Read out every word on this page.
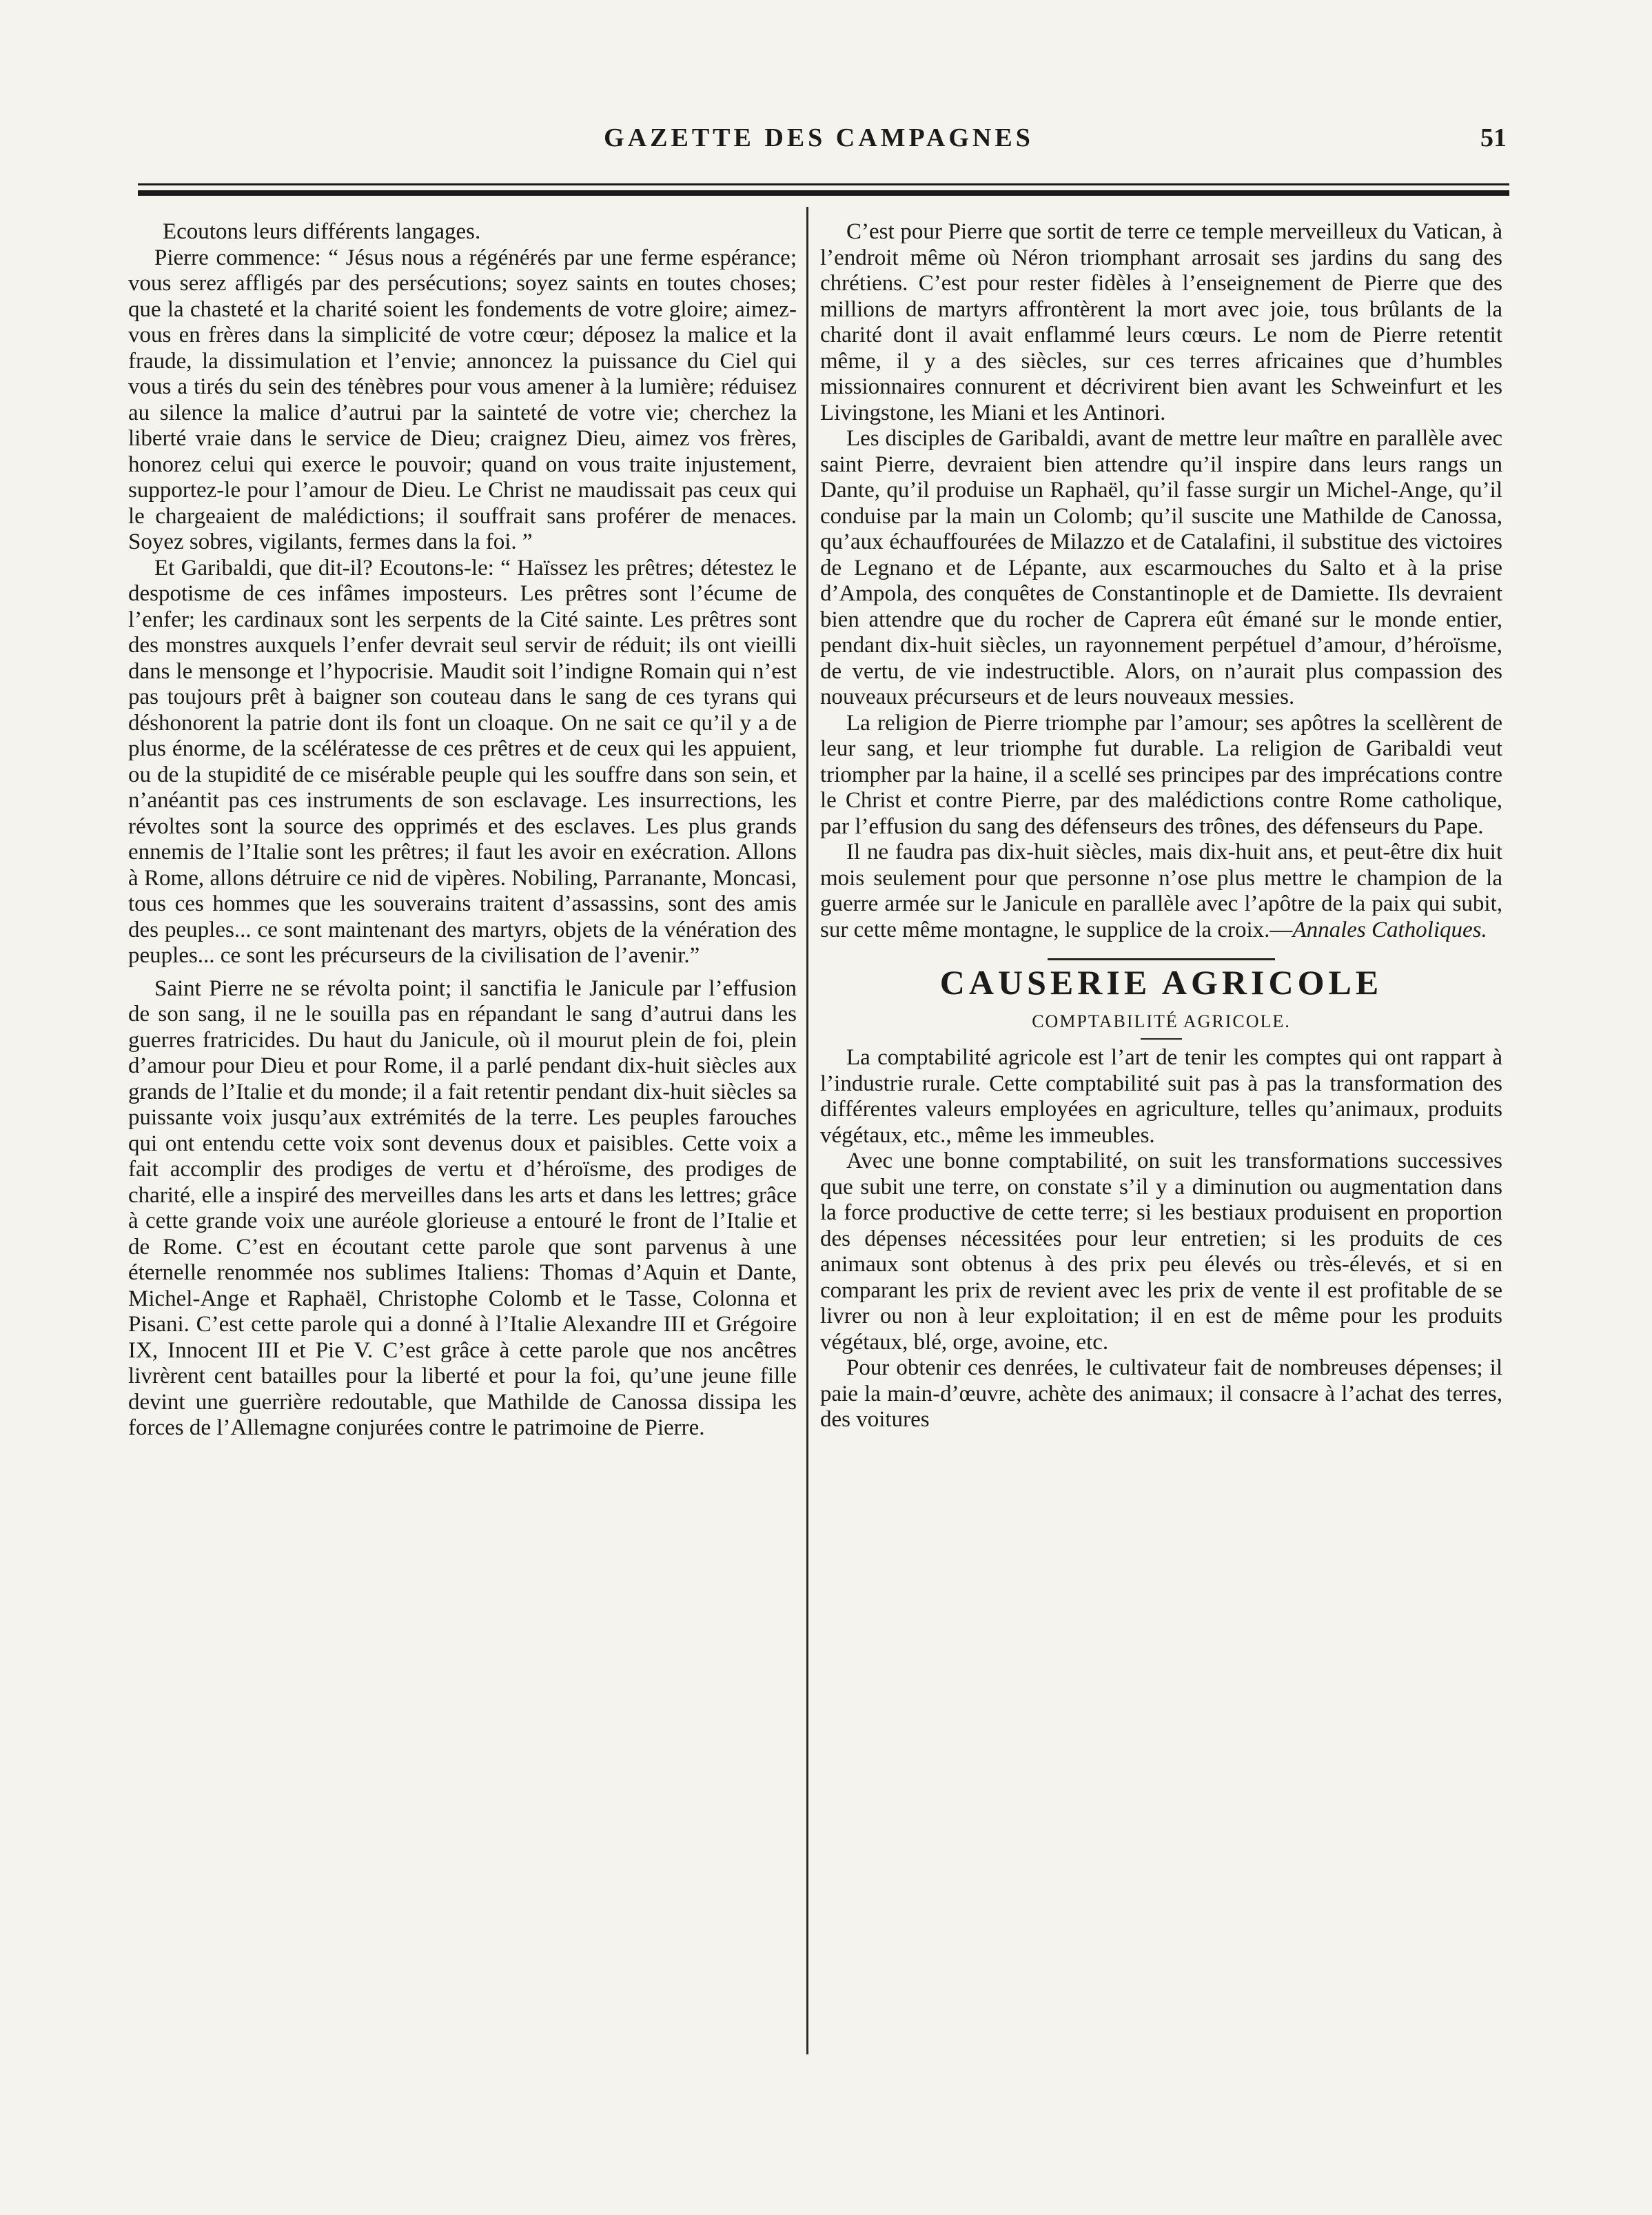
GAZETTE DES CAMPAGNES	51

Ecoutons leurs différents langages.

Pierre commence: “ Jésus nous a régénérés par une ferme espérance; vous serez affligés par des persécutions; soyez saints en toutes choses; que la chasteté et la charité soient les fondements de votre gloire; aimez-vous en frères dans la simplicité de votre cœur; déposez la malice et la fraude, la dissimulation et l’envie; annoncez la puissance du Ciel qui vous a tirés du sein des ténèbres pour vous amener à la lumière; réduisez au silence la malice d’autrui par la sainteté de votre vie; cherchez la liberté vraie dans le service de Dieu; craignez Dieu, aimez vos frères, honorez celui qui exerce le pouvoir; quand on vous traite injustement, supportez-le pour l’amour de Dieu. Le Christ ne maudissait pas ceux qui le chargeaient de malédictions; il souffrait sans proférer de menaces. Soyez sobres, vigilants, fermes dans la foi. ”

Et Garibaldi, que dit-il? Ecoutons-le: “ Haïssez les prêtres; détestez le despotisme de ces infâmes imposteurs. Les prêtres sont l’écume de l’enfer; les cardinaux sont les serpents de la Cité sainte. Les prêtres sont des monstres auxquels l’enfer devrait seul servir de réduit; ils ont vieilli dans le mensonge et l’hypocrisie. Maudit soit l’indigne Romain qui n’est pas toujours prêt à baigner son couteau dans le sang de ces tyrans qui déshonorent la patrie dont ils font un cloaque. On ne sait ce qu’il y a de plus énorme, de la scélératesse de ces prêtres et de ceux qui les appuient, ou de la stupidité de ce misérable peuple qui les souffre dans son sein, et n’anéantit pas ces instruments de son esclavage. Les insurrections, les révoltes sont la source des opprimés et des esclaves. Les plus grands ennemis de l’Italie sont les prêtres; il faut les avoir en exécration. Allons à Rome, allons détruire ce nid de vipères. Nobiling, Parranante, Moncasi, tous ces hommes que les souverains traitent d’assassins, sont des amis des peuples... ce sont maintenant des martyrs, objets de la vénération des peuples... ce sont les précurseurs de la civilisation de l’avenir.”

Saint Pierre ne se révolta point; il sanctifia le Janicule par l’effusion de son sang, il ne le souilla pas en répandant le sang d’autrui dans les guerres fratricides. Du haut du Janicule, où il mourut plein de foi, plein d’amour pour Dieu et pour Rome, il a parlé pendant dix-huit siècles aux grands de l’Italie et du monde; il a fait retentir pendant dix-huit siècles sa puissante voix jusqu’aux extrémités de la terre. Les peuples farouches qui ont entendu cette voix sont devenus doux et paisibles. Cette voix a fait accomplir des prodiges de vertu et d’héroïsme, des prodiges de charité, elle a inspiré des merveilles dans les arts et dans les lettres; grâce à cette grande voix une auréole glorieuse a entouré le front de l’Italie et de Rome. C’est en écoutant cette parole que sont parvenus à une éternelle renommée nos sublimes Italiens: Thomas d’Aquin et Dante, Michel-Ange et Raphaël, Christophe Colomb et le Tasse, Colonna et Pisani. C’est cette parole qui a donné à l’Italie Alexandre III et Grégoire IX, Innocent III et Pie V. C’est grâce à cette parole que nos ancêtres livrèrent cent batailles pour la liberté et pour la foi, qu’une jeune fille devint une guerrière redoutable, que Mathilde de Canossa dissipa les forces de l’Allemagne conjurées contre le patrimoine de Pierre.

C’est pour Pierre que sortit de terre ce temple merveilleux du Vatican, à l’endroit même où Néron triomphant arrosait ses jardins du sang des chrétiens. C’est pour rester fidèles à l’enseignement de Pierre que des millions de martyrs affrontèrent la mort avec joie, tous brûlants de la charité dont il avait enflammé leurs cœurs. Le nom de Pierre retentit même, il y a des siècles, sur ces terres africaines que d’humbles missionnaires connurent et décrivirent bien avant les Schweinfurt et les Livingstone, les Miani et les Antinori.

Les disciples de Garibaldi, avant de mettre leur maître en parallèle avec saint Pierre, devraient bien attendre qu’il inspire dans leurs rangs un Dante, qu’il produise un Raphaël, qu’il fasse surgir un Michel-Ange, qu’il conduise par la main un Colomb; qu’il suscite une Mathilde de Canossa, qu’aux échauffourées de Milazzo et de Catalafini, il substitue des victoires de Legnano et de Lépante, aux escarmouches du Salto et à la prise d’Ampola, des conquêtes de Constantinople et de Damiette. Ils devraient bien attendre que du rocher de Caprera eût émané sur le monde entier, pendant dix-huit siècles, un rayonnement perpétuel d’amour, d’héroïsme, de vertu, de vie indestructible. Alors, on n’aurait plus compassion des nouveaux précurseurs et de leurs nouveaux messies.

La religion de Pierre triomphe par l’amour; ses apôtres la scellèrent de leur sang, et leur triomphe fut durable. La religion de Garibaldi veut triompher par la haine, il a scellé ses principes par des imprécations contre le Christ et contre Pierre, par des malédictions contre Rome catholique, par l’effusion du sang des défenseurs des trônes, des défenseurs du Pape.

Il ne faudra pas dix-huit siècles, mais dix-huit ans, et peut-être dix huit mois seulement pour que personne n’ose plus mettre le champion de la guerre armée sur le Janicule en parallèle avec l’apôtre de la paix qui subit, sur cette même montagne, le supplice de la croix.—Annales Catholiques.

CAUSERIE AGRICOLE
COMPTABILITÉ AGRICOLE.

La comptabilité agricole est l’art de tenir les comptes qui ont rappart à l’industrie rurale. Cette comptabilité suit pas à pas la transformation des différentes valeurs employées en agriculture, telles qu’animaux, produits végétaux, etc., même les immeubles.

Avec une bonne comptabilité, on suit les transformations successives que subit une terre, on constate s’il y a diminution ou augmentation dans la force productive de cette terre; si les bestiaux produisent en proportion des dépenses nécessitées pour leur entretien; si les produits de ces animaux sont obtenus à des prix peu élevés ou très-élevés, et si en comparant les prix de revient avec les prix de vente il est profitable de se livrer ou non à leur exploitation; il en est de même pour les produits végétaux, blé, orge, avoine, etc.

Pour obtenir ces denrées, le cultivateur fait de nombreuses dépenses; il paie la main-d’œuvre, achète des animaux; il consacre à l’achat des terres, des voitures
